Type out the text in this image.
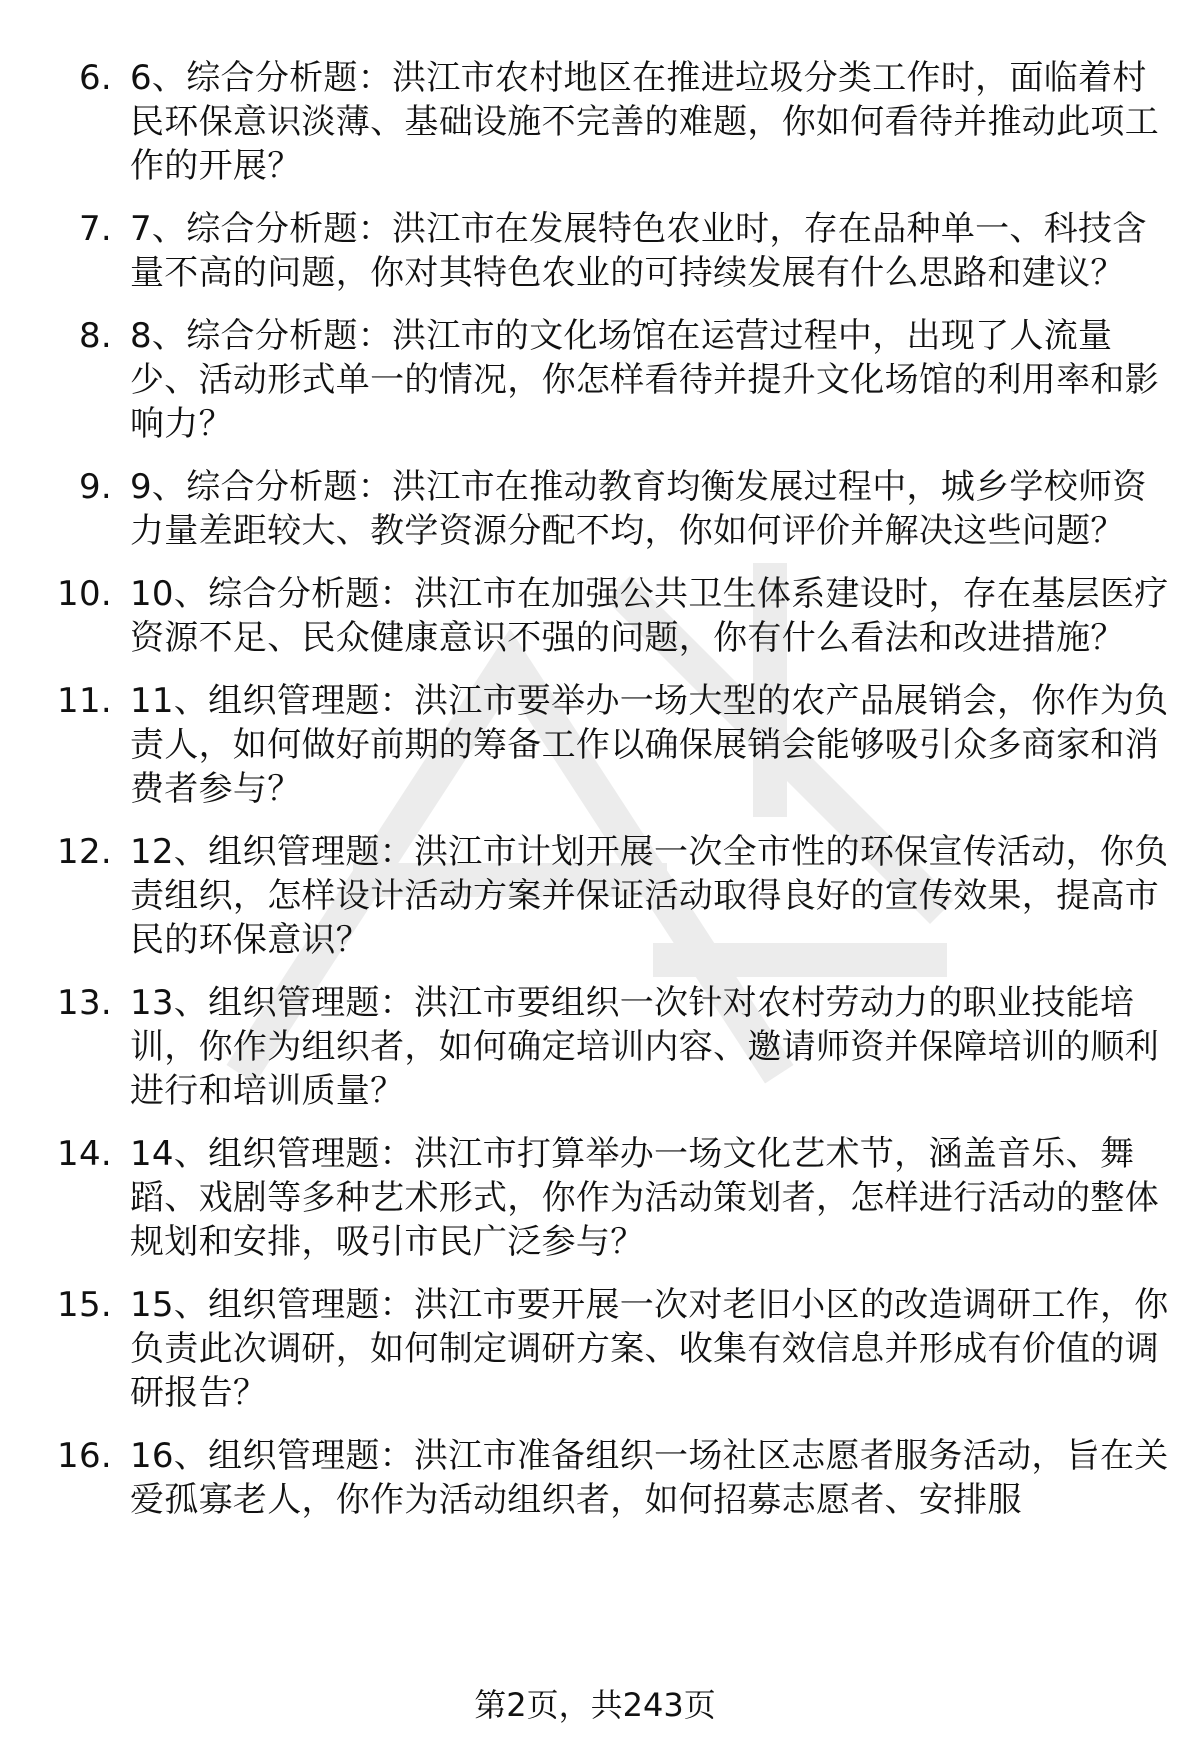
6. 6、综合分析题：洪江市农村地区在推进垃圾分类工作时，面临着村民环保意识淡薄、基础设施不完善的难题，你如何看待并推动此项工作的开展？
7. 7、综合分析题：洪江市在发展特色农业时，存在品种单一、科技含量不高的问题，你对其特色农业的可持续发展有什么思路和建议？
8. 8、综合分析题：洪江市的文化场馆在运营过程中，出现了人流量少、活动形式单一的情况，你怎样看待并提升文化场馆的利用率和影响力？
9. 9、综合分析题：洪江市在推动教育均衡发展过程中，城乡学校师资力量差距较大、教学资源分配不均，你如何评价并解决这些问题？
10. 10、综合分析题：洪江市在加强公共卫生体系建设时，存在基层医疗资源不足、民众健康意识不强的问题，你有什么看法和改进措施？
11. 11、组织管理题：洪江市要举办一场大型的农产品展销会，你作为负责人，如何做好前期的筹备工作以确保展销会能够吸引众多商家和消费者参与？
12. 12、组织管理题：洪江市计划开展一次全市性的环保宣传活动，你负责组织，怎样设计活动方案并保证活动取得良好的宣传效果，提高市民的环保意识？
13. 13、组织管理题：洪江市要组织一次针对农村劳动力的职业技能培训，你作为组织者，如何确定培训内容、邀请师资并保障培训的顺利进行和培训质量？
14. 14、组织管理题：洪江市打算举办一场文化艺术节，涵盖音乐、舞蹈、戏剧等多种艺术形式，你作为活动策划者，怎样进行活动的整体规划和安排，吸引市民广泛参与？
15. 15、组织管理题：洪江市要开展一次对老旧小区的改造调研工作，你负责此次调研，如何制定调研方案、收集有效信息并形成有价值的调研报告？
16. 16、组织管理题：洪江市准备组织一场社区志愿者服务活动，旨在关爱孤寡老人，你作为活动组织者，如何招募志愿者、安排服
第2页，共243页
